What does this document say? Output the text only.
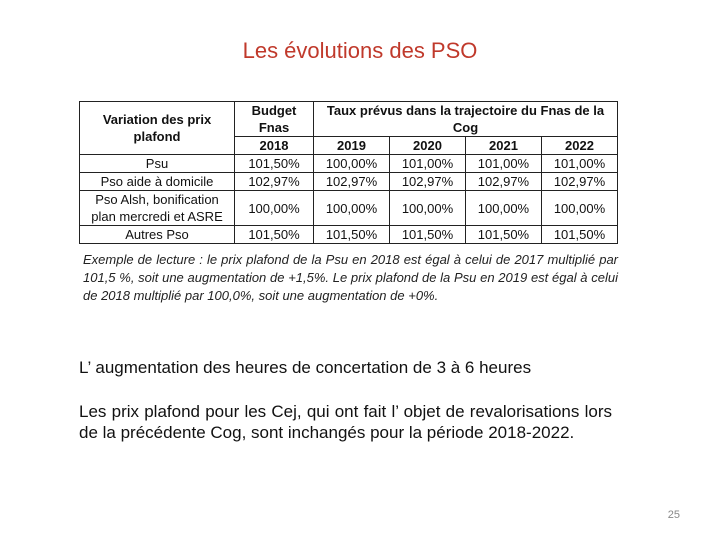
Les évolutions des PSO
Variation des prix plafond	Budget Fnas	Taux prévus dans la trajectoire du Fnas de la Cog			
	2018	2019	2020	2021	2022
Psu	101,50%	100,00%	101,00%	101,00%	101,00%
Pso aide à domicile	102,97%	102,97%	102,97%	102,97%	102,97%
Pso Alsh, bonification plan mercredi et ASRE	100,00%	100,00%	100,00%	100,00%	100,00%
Autres Pso	101,50%	101,50%	101,50%	101,50%	101,50%
Exemple de lecture : le prix plafond de la Psu en 2018 est égal à celui de 2017 multiplié par 101,5 %, soit une augmentation de +1,5%. Le prix plafond de la Psu en 2019 est égal à celui de 2018 multiplié par 100,0%, soit une augmentation de +0%.
L’ augmentation des heures de concertation de 3 à 6 heures
Les prix plafond pour les Cej, qui ont fait l’ objet de revalorisations lors de la précédente Cog, sont inchangés pour la période 2018-2022.
25
